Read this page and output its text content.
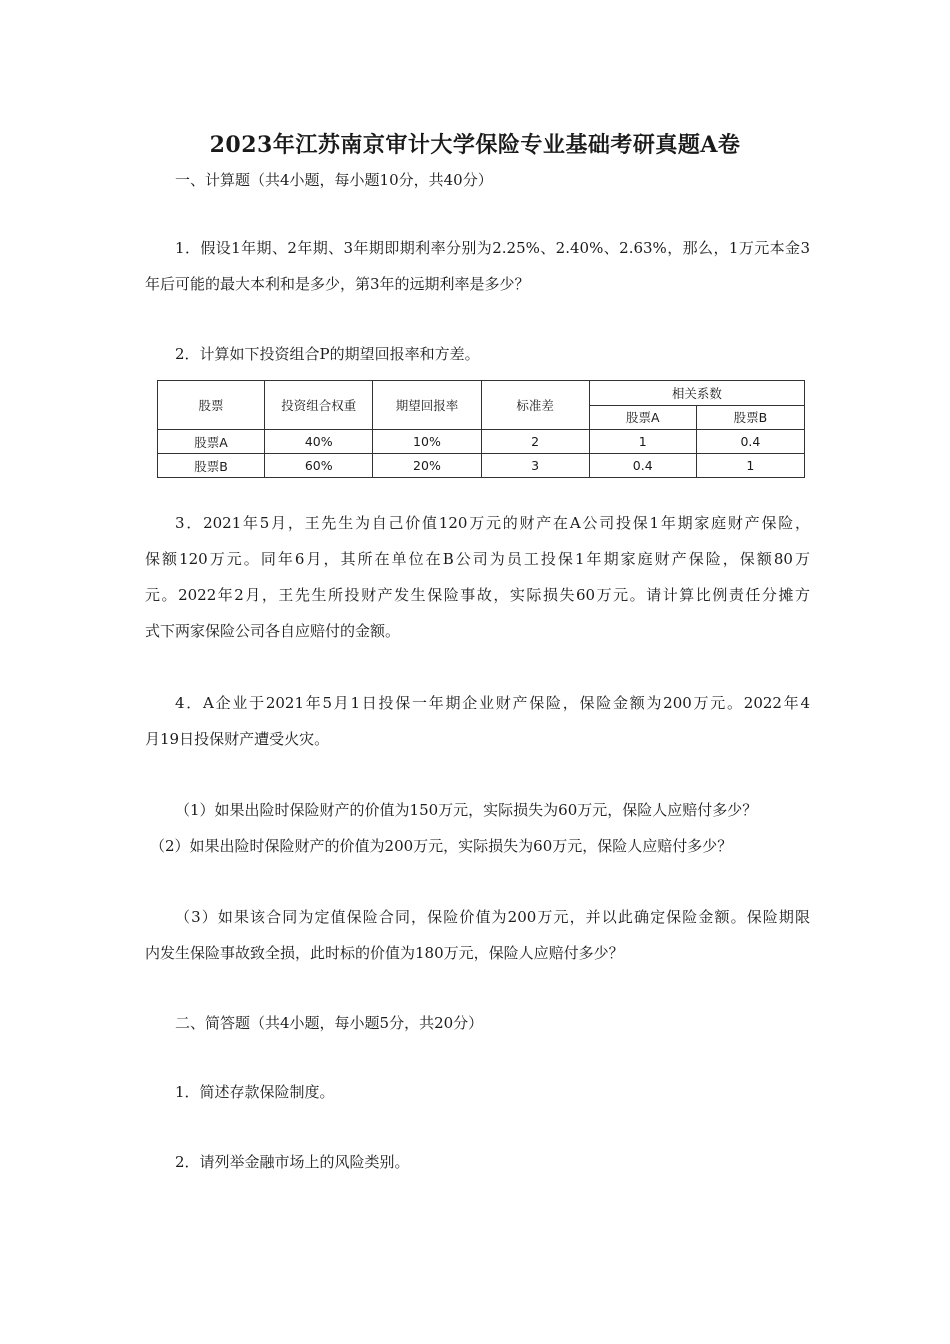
2023年江苏南京审计大学保险专业基础考研真题A卷
一、计算题（共4小题，每小题10分，共40分）
1．假设1年期、2年期、3年期即期利率分别为2.25%、2.40%、2.63%，那么，1万元本金3
年后可能的最大本利和是多少，第3年的远期利率是多少？
2．计算如下投资组合P的期望回报率和方差。
股票	投资组合权重	期望回报率	标准差	相关系数	
				股票A	股票B
股票A	40%	10%	2	1	0.4
股票B	60%	20%	3	0.4	1
3．2021年5月，王先生为自己价值120万元的财产在A公司投保1年期家庭财产保险，
保额120万元。同年6月，其所在单位在B公司为员工投保1年期家庭财产保险，保额80万
元。2022年2月，王先生所投财产发生保险事故，实际损失60万元。请计算比例责任分摊方
式下两家保险公司各自应赔付的金额。
4．A企业于2021年5月1日投保一年期企业财产保险，保险金额为200万元。2022年4
月19日投保财产遭受火灾。
（1）如果出险时保险财产的价值为150万元，实际损失为60万元，保险人应赔付多少？
（2）如果出险时保险财产的价值为200万元，实际损失为60万元，保险人应赔付多少？
（3）如果该合同为定值保险合同，保险价值为200万元，并以此确定保险金额。保险期限
内发生保险事故致全损，此时标的价值为180万元，保险人应赔付多少？
二、简答题（共4小题，每小题5分，共20分）
1．简述存款保险制度。
2．请列举金融市场上的风险类别。
